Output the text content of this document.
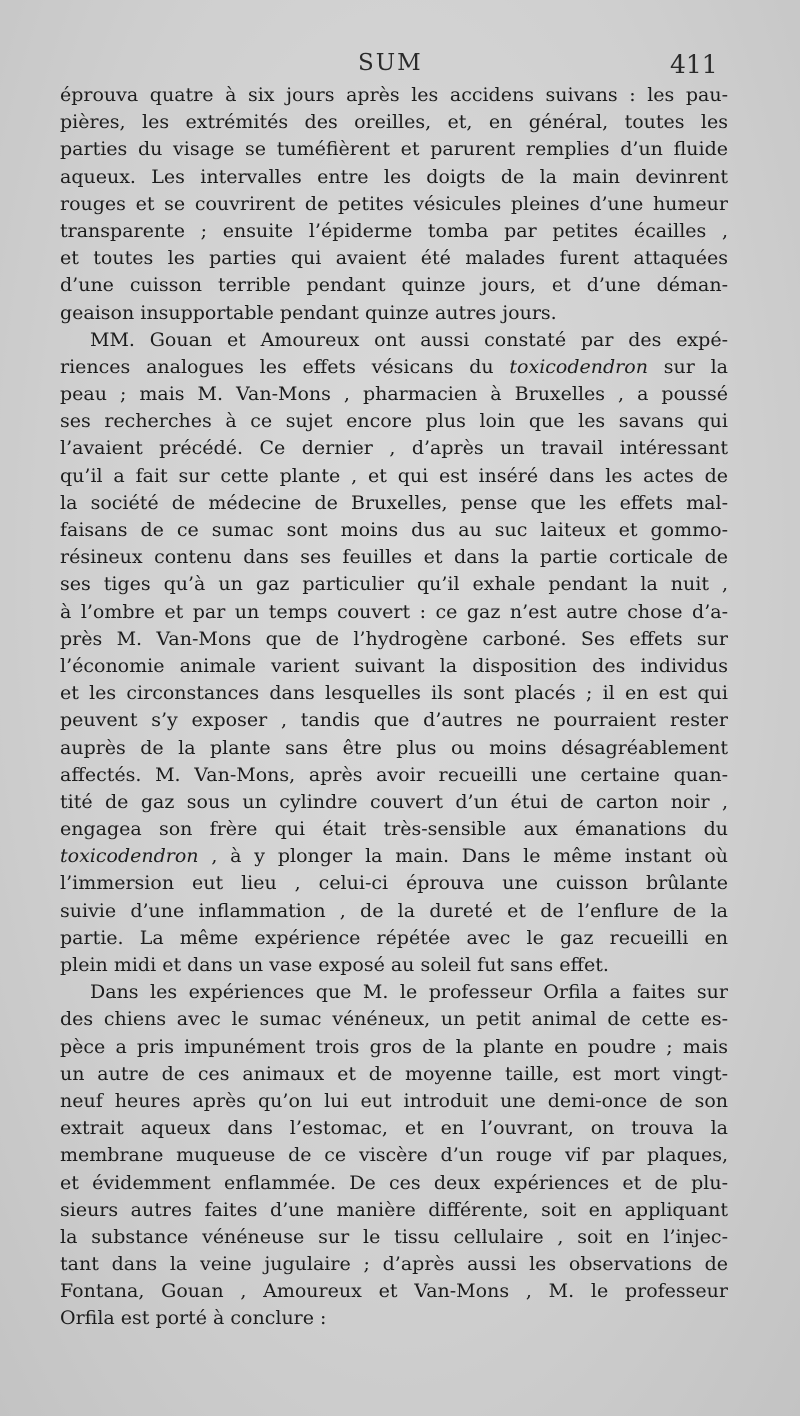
SUM	411
éprouva quatre à six jours après les accidens suivans : les pau-
pières, les extrémités des oreilles, et, en général, toutes les
parties du visage se tuméfièrent et parurent remplies d’un fluide
aqueux. Les intervalles entre les doigts de la main devinrent
rouges et se couvrirent de petites vésicules pleines d’une humeur
transparente ; ensuite l’épiderme tomba par petites écailles ,
et toutes les parties qui avaient été malades furent attaquées
d’une cuisson terrible pendant quinze jours, et d’une déman-
geaison insupportable pendant quinze autres jours.
MM. Gouan et Amoureux ont aussi constaté par des expé-
riences analogues les effets vésicans du toxicodendron sur la
peau ; mais M. Van-Mons , pharmacien à Bruxelles , a poussé
ses recherches à ce sujet encore plus loin que les savans qui
l’avaient précédé. Ce dernier , d’après un travail intéressant
qu’il a fait sur cette plante , et qui est inséré dans les actes de
la société de médecine de Bruxelles, pense que les effets mal-
faisans de ce sumac sont moins dus au suc laiteux et gommo-
résineux contenu dans ses feuilles et dans la partie corticale de
ses tiges qu’à un gaz particulier qu’il exhale pendant la nuit ,
à l’ombre et par un temps couvert : ce gaz n’est autre chose d’a-
près M. Van-Mons que de l’hydrogène carboné. Ses effets sur
l’économie animale varient suivant la disposition des individus
et les circonstances dans lesquelles ils sont placés ; il en est qui
peuvent s’y exposer , tandis que d’autres ne pourraient rester
auprès de la plante sans être plus ou moins désagréablement
affectés. M. Van-Mons, après avoir recueilli une certaine quan-
tité de gaz sous un cylindre couvert d’un étui de carton noir ,
engagea son frère qui était très-sensible aux émanations du
toxicodendron , à y plonger la main. Dans le même instant où
l’immersion eut lieu , celui-ci éprouva une cuisson brûlante
suivie d’une inflammation , de la dureté et de l’enflure de la
partie. La même expérience répétée avec le gaz recueilli en
plein midi et dans un vase exposé au soleil fut sans effet.
Dans les expériences que M. le professeur Orfila a faites sur
des chiens avec le sumac vénéneux, un petit animal de cette es-
pèce a pris impunément trois gros de la plante en poudre ; mais
un autre de ces animaux et de moyenne taille, est mort vingt-
neuf heures après qu’on lui eut introduit une demi-once de son
extrait aqueux dans l’estomac, et en l’ouvrant, on trouva la
membrane muqueuse de ce viscère d’un rouge vif par plaques,
et évidemment enflammée. De ces deux expériences et de plu-
sieurs autres faites d’une manière différente, soit en appliquant
la substance vénéneuse sur le tissu cellulaire , soit en l’injec-
tant dans la veine jugulaire ; d’après aussi les observations de
Fontana, Gouan , Amoureux et Van-Mons , M. le professeur
Orfila est porté à conclure :
